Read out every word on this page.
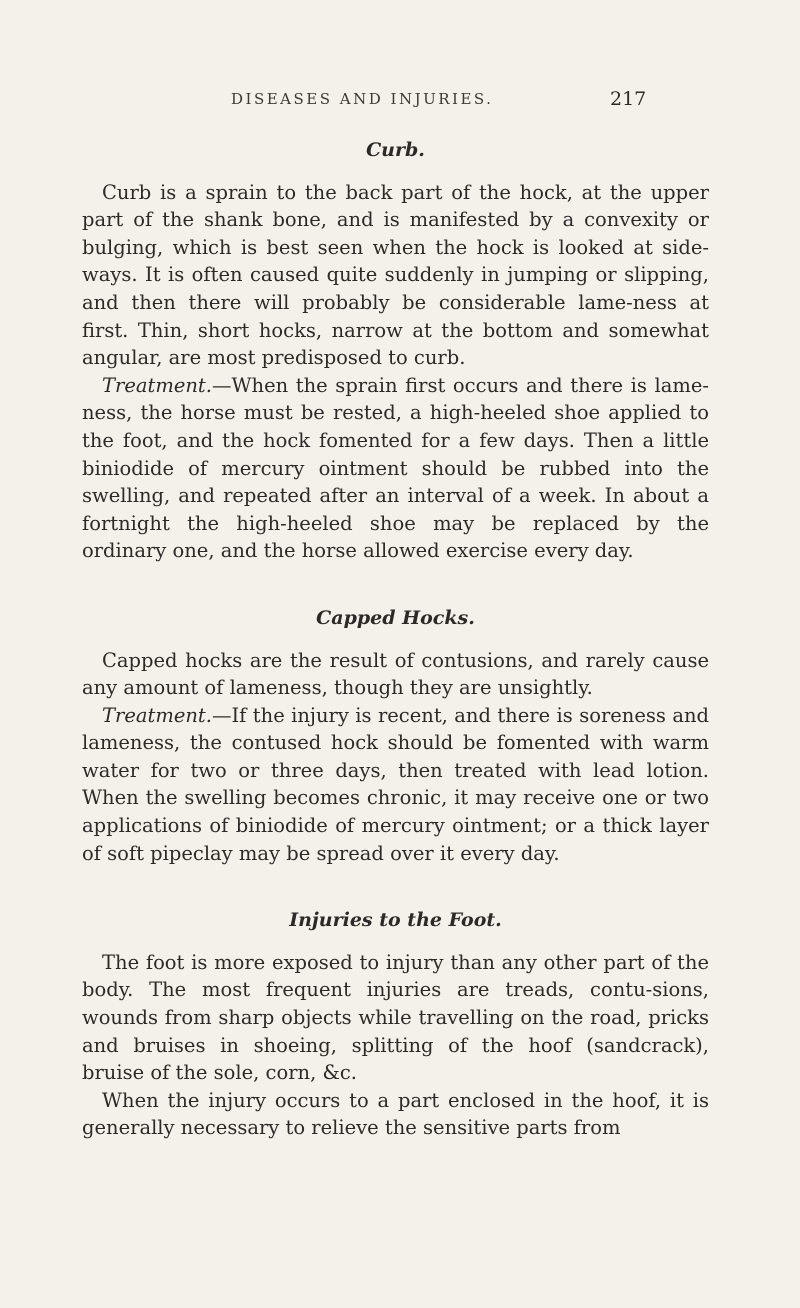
DISEASES AND INJURIES.	217
Curb.

Curb is a sprain to the back part of the hock, at the upper part of the shank bone, and is manifested by a convexity or bulging, which is best seen when the hock is looked at side-ways. It is often caused quite suddenly in jumping or slipping, and then there will probably be considerable lame-ness at first. Thin, short hocks, narrow at the bottom and somewhat angular, are most predisposed to curb.

Treatment.—When the sprain first occurs and there is lame-ness, the horse must be rested, a high-heeled shoe applied to the foot, and the hock fomented for a few days. Then a little biniodide of mercury ointment should be rubbed into the swelling, and repeated after an interval of a week. In about a fortnight the high-heeled shoe may be replaced by the ordinary one, and the horse allowed exercise every day.

Capped Hocks.

Capped hocks are the result of contusions, and rarely cause any amount of lameness, though they are unsightly.

Treatment.—If the injury is recent, and there is soreness and lameness, the contused hock should be fomented with warm water for two or three days, then treated with lead lotion. When the swelling becomes chronic, it may receive one or two applications of biniodide of mercury ointment; or a thick layer of soft pipeclay may be spread over it every day.

Injuries to the Foot.

The foot is more exposed to injury than any other part of the body. The most frequent injuries are treads, contu-sions, wounds from sharp objects while travelling on the road, pricks and bruises in shoeing, splitting of the hoof (sandcrack), bruise of the sole, corn, &c.

When the injury occurs to a part enclosed in the hoof, it is generally necessary to relieve the sensitive parts from
